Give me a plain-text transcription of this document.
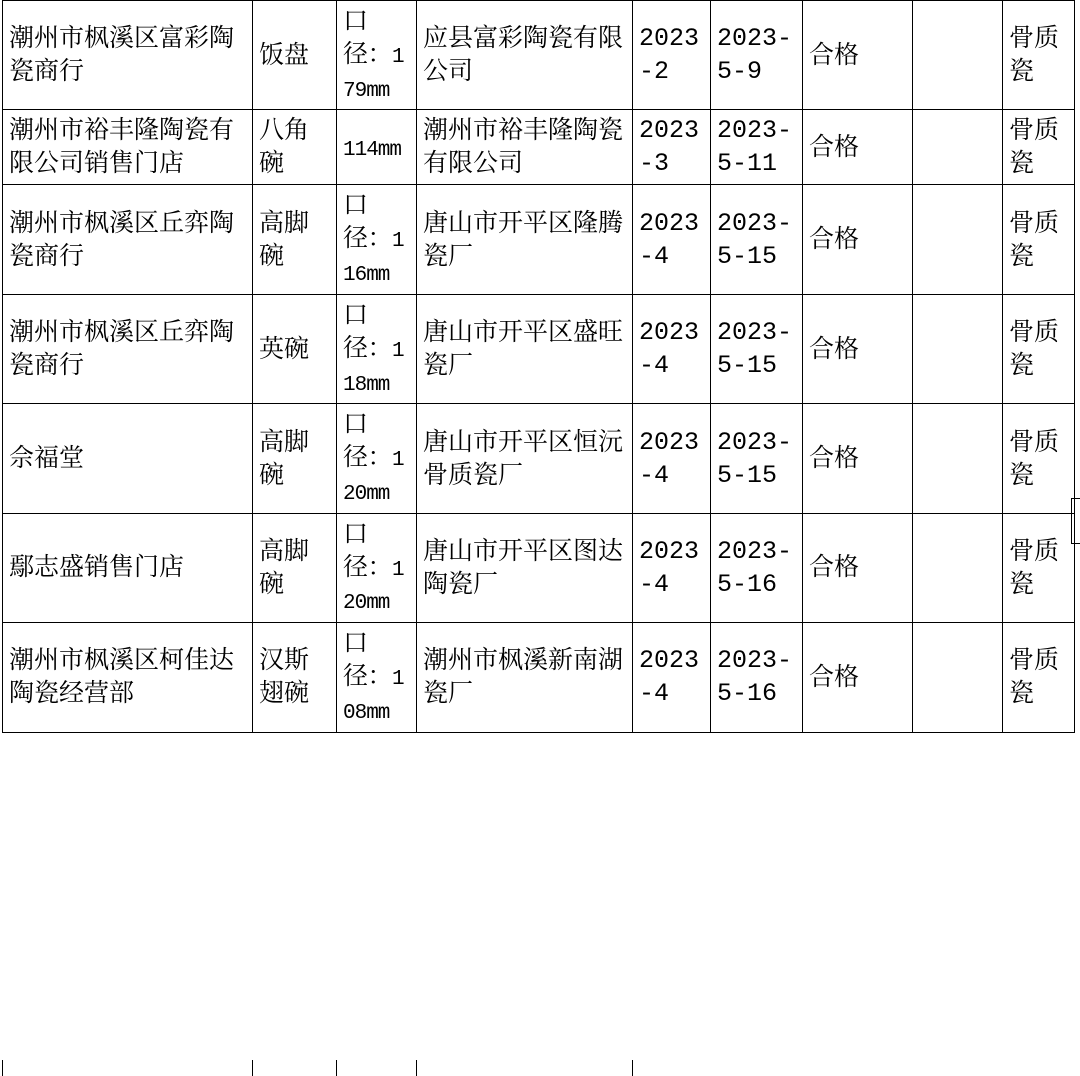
潮州市枫溪区富彩陶瓷商行	饭盘	口径：179mm	应县富彩陶瓷有限公司	2023-2	2023-5-9	合格		骨质瓷
潮州市裕丰隆陶瓷有限公司销售门店	八角碗	114mm	潮州市裕丰隆陶瓷有限公司	2023-3	2023-5-11	合格		骨质瓷
潮州市枫溪区丘弈陶瓷商行	高脚碗	口径：116mm	唐山市开平区隆腾瓷厂	2023-4	2023-5-15	合格		骨质瓷
潮州市枫溪区丘弈陶瓷商行	英碗	口径：118mm	唐山市开平区盛旺瓷厂	2023-4	2023-5-15	合格		骨质瓷
佘福堂	高脚碗	口径：120mm	唐山市开平区恒沅骨质瓷厂	2023-4	2023-5-15	合格		骨质瓷
鄢志盛销售门店	高脚碗	口径：120mm	唐山市开平区图达陶瓷厂	2023-4	2023-5-16	合格		骨质瓷
潮州市枫溪区柯佳达陶瓷经营部	汉斯翅碗	口径：108mm	潮州市枫溪新南湖瓷厂	2023-4	2023-5-16	合格		骨质瓷
